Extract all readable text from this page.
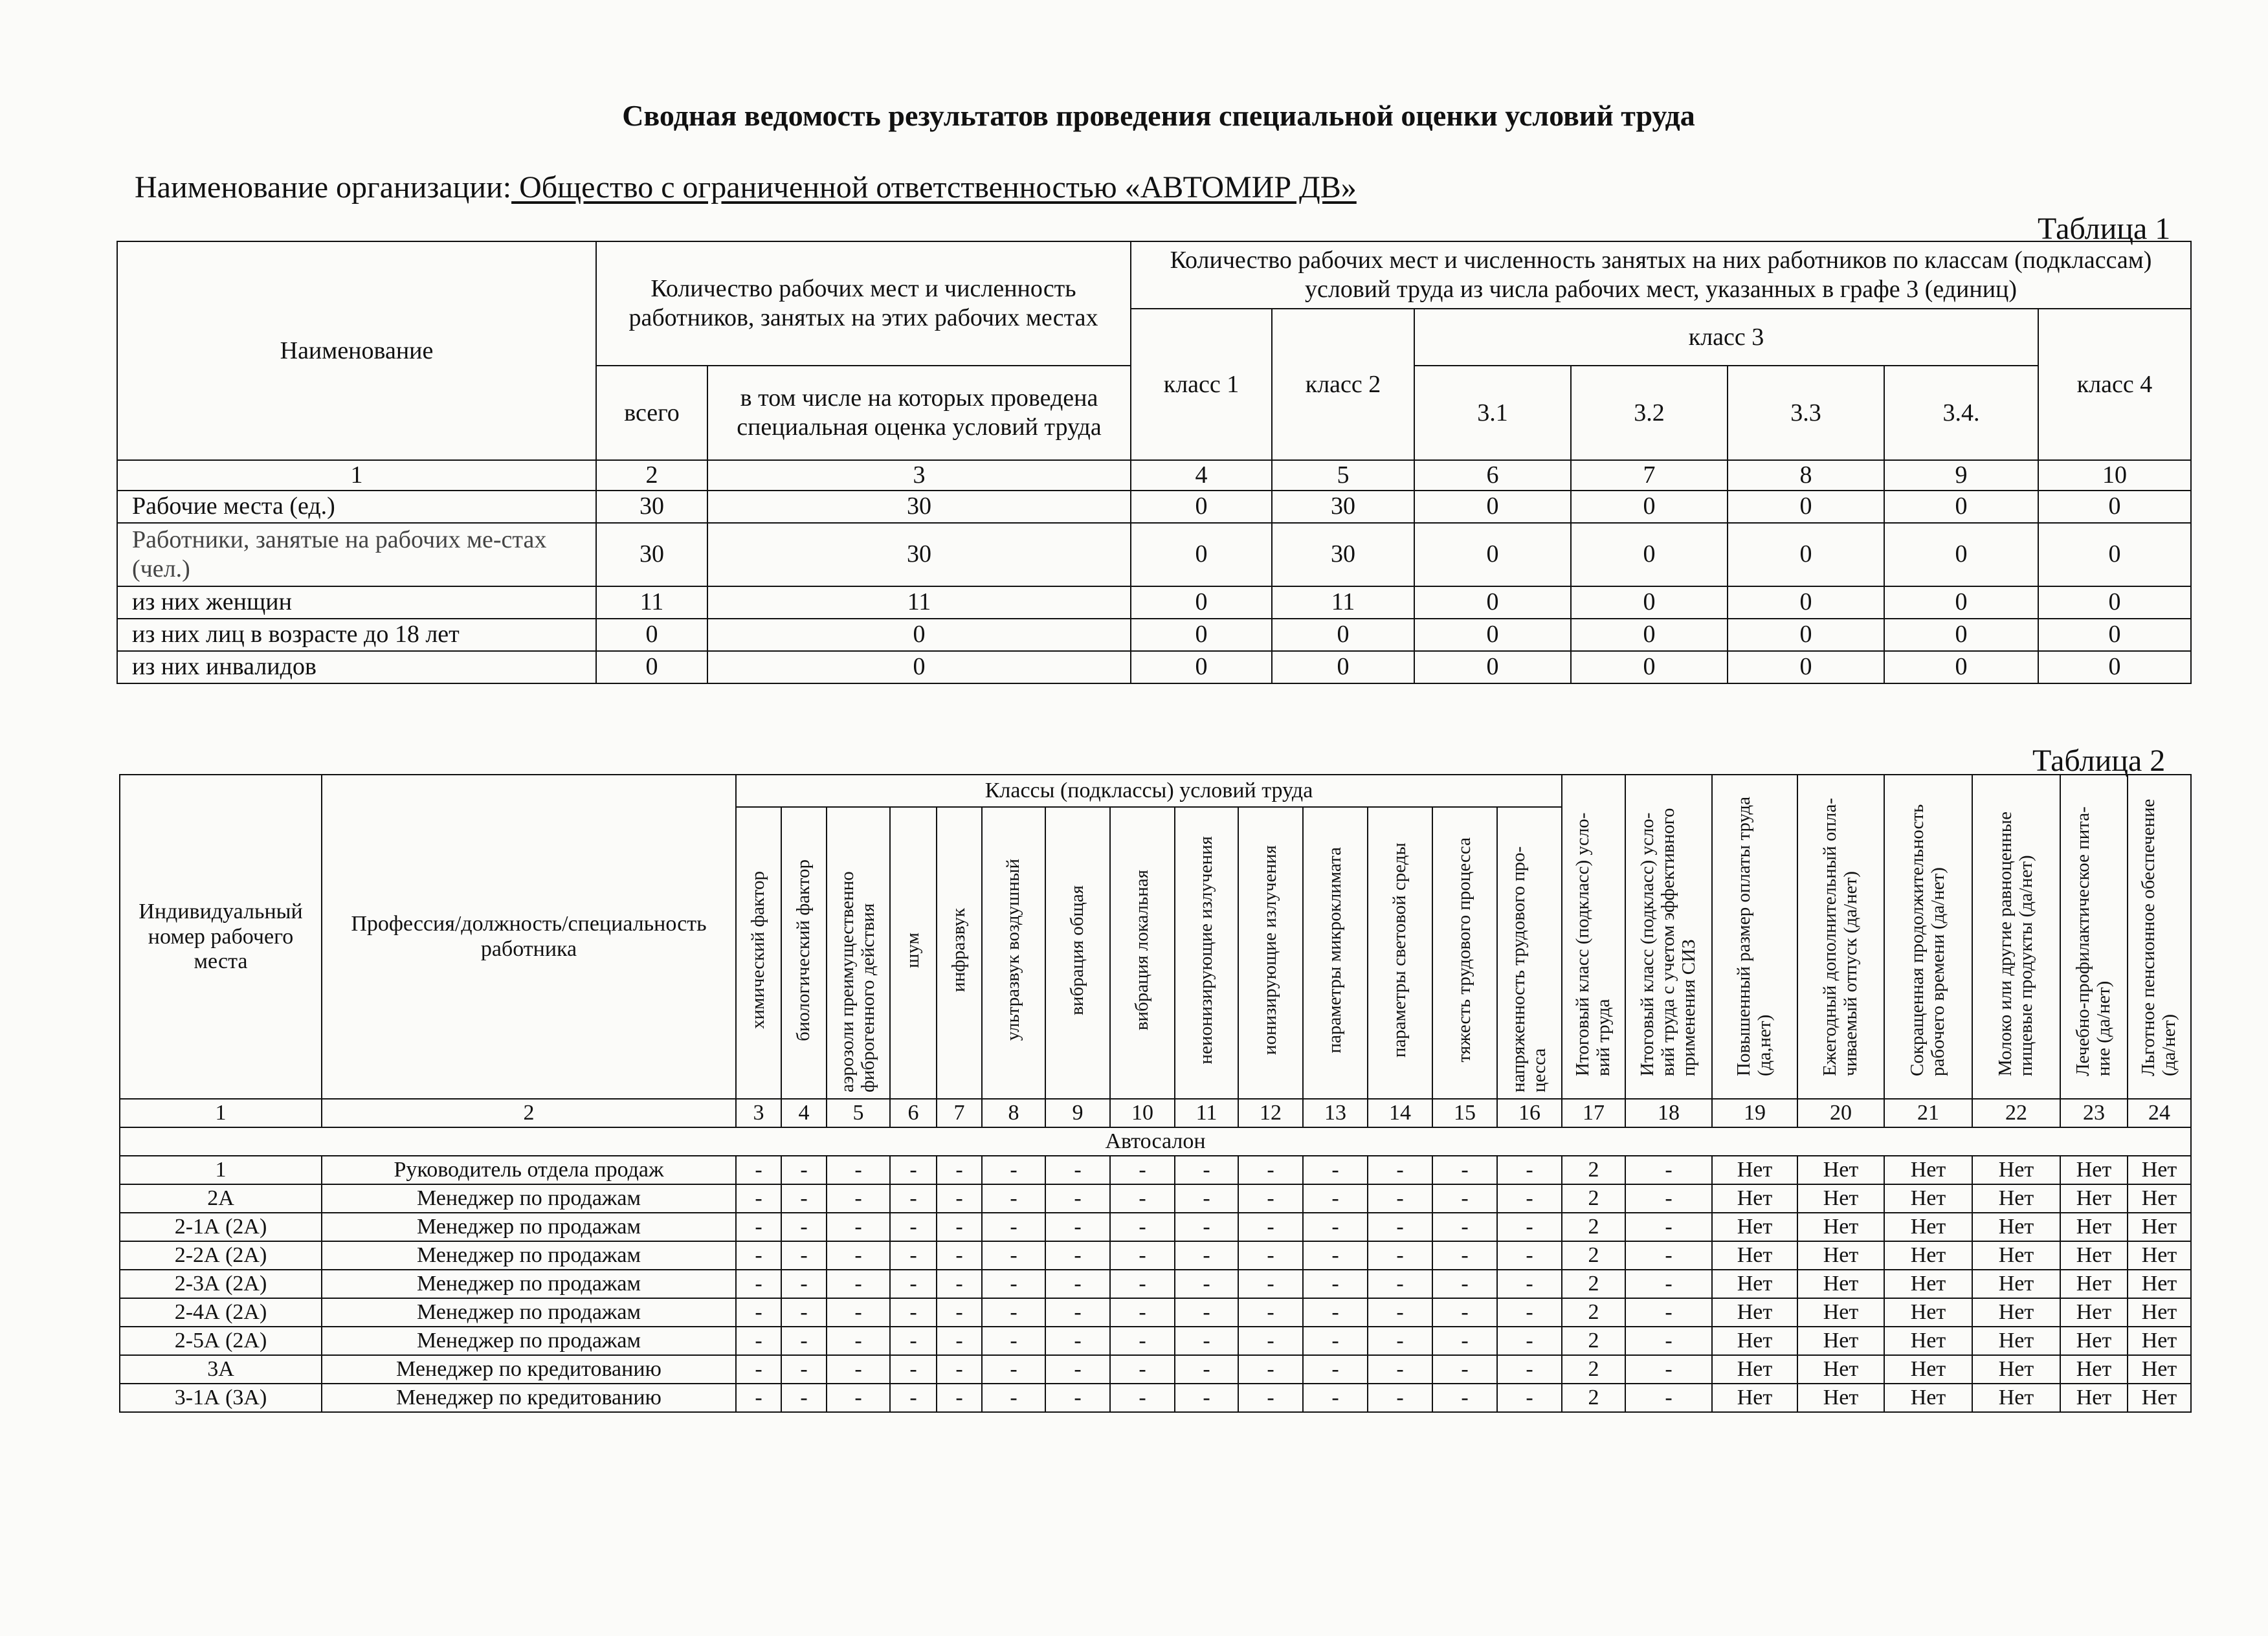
Сводная ведомость результатов проведения специальной оценки условий труда

Наименование организации: Общество с ограниченной ответственностью «АВТОМИР ДВ»

Таблица 1

Наименование	Количество рабочих мест и численность работников, занятых на этих рабочих местах		Количество рабочих мест и численность занятых на них работников по классам (подклассам) условий труда из числа рабочих мест, указанных в графе 3 (единиц)						
			класс 1	класс 2	класс 3				класс 4
	всего	в том числе на которых проведена специальная оценка условий труда			3.1	3.2	3.3	3.4.	
1	2	3	4	5	6	7	8	9	10
Рабочие места (ед.)	30	30	0	30	0	0	0	0	0
Работники, занятые на рабочих ме-стах (чел.)	30	30	0	30	0	0	0	0	0
из них женщин	11	11	0	11	0	0	0	0	0
из них лиц в возрасте до 18 лет	0	0	0	0	0	0	0	0	0
из них инвалидов	0	0	0	0	0	0	0	0	0

Таблица 2

Индивидуальный номер рабочего места	Профессия/должность/специальность работника	Классы (подклассы) условий труда														Итоговый класс (подкласс) усло-вий труда	Итоговый класс (подкласс) усло-вий труда с учетом эффективного применения СИЗ	Повышенный размер оплаты труда (да,нет)	Ежегодный дополнительный опла-чиваемый отпуск (да/нет)	Сокращенная продолжительность рабочего времени (да/нет)	Молоко или другие равноценные пищевые продукты (да/нет)	Лечебно-профилактическое пита-ние (да/нет)	Льготное пенсионное обеспечение (да/нет)
		химический фактор	биологический фактор	аэрозоли преимущественно фиброгенного действия	шум	инфразвук	ультразвук воздушный	вибрация общая	вибрация локальная	неионизирующие излучения	ионизирующие излучения	параметры микроклимата	параметры световой среды	тяжесть трудового процесса	напряженность трудового про-цесса								
1	2	3	4	5	6	7	8	9	10	11	12	13	14	15	16	17	18	19	20	21	22	23	24
Автосалон																							
1	Руководитель отдела продаж	-	-	-	-	-	-	-	-	-	-	-	-	-	-	2	-	Нет	Нет	Нет	Нет	Нет	Нет
2А	Менеджер по продажам	-	-	-	-	-	-	-	-	-	-	-	-	-	-	2	-	Нет	Нет	Нет	Нет	Нет	Нет
2-1А (2А)	Менеджер по продажам	-	-	-	-	-	-	-	-	-	-	-	-	-	-	2	-	Нет	Нет	Нет	Нет	Нет	Нет
2-2А (2А)	Менеджер по продажам	-	-	-	-	-	-	-	-	-	-	-	-	-	-	2	-	Нет	Нет	Нет	Нет	Нет	Нет
2-3А (2А)	Менеджер по продажам	-	-	-	-	-	-	-	-	-	-	-	-	-	-	2	-	Нет	Нет	Нет	Нет	Нет	Нет
2-4А (2А)	Менеджер по продажам	-	-	-	-	-	-	-	-	-	-	-	-	-	-	2	-	Нет	Нет	Нет	Нет	Нет	Нет
2-5А (2А)	Менеджер по продажам	-	-	-	-	-	-	-	-	-	-	-	-	-	-	2	-	Нет	Нет	Нет	Нет	Нет	Нет
3А	Менеджер по кредитованию	-	-	-	-	-	-	-	-	-	-	-	-	-	-	2	-	Нет	Нет	Нет	Нет	Нет	Нет
3-1А (3А)	Менеджер по кредитованию	-	-	-	-	-	-	-	-	-	-	-	-	-	-	2	-	Нет	Нет	Нет	Нет	Нет	Нет
